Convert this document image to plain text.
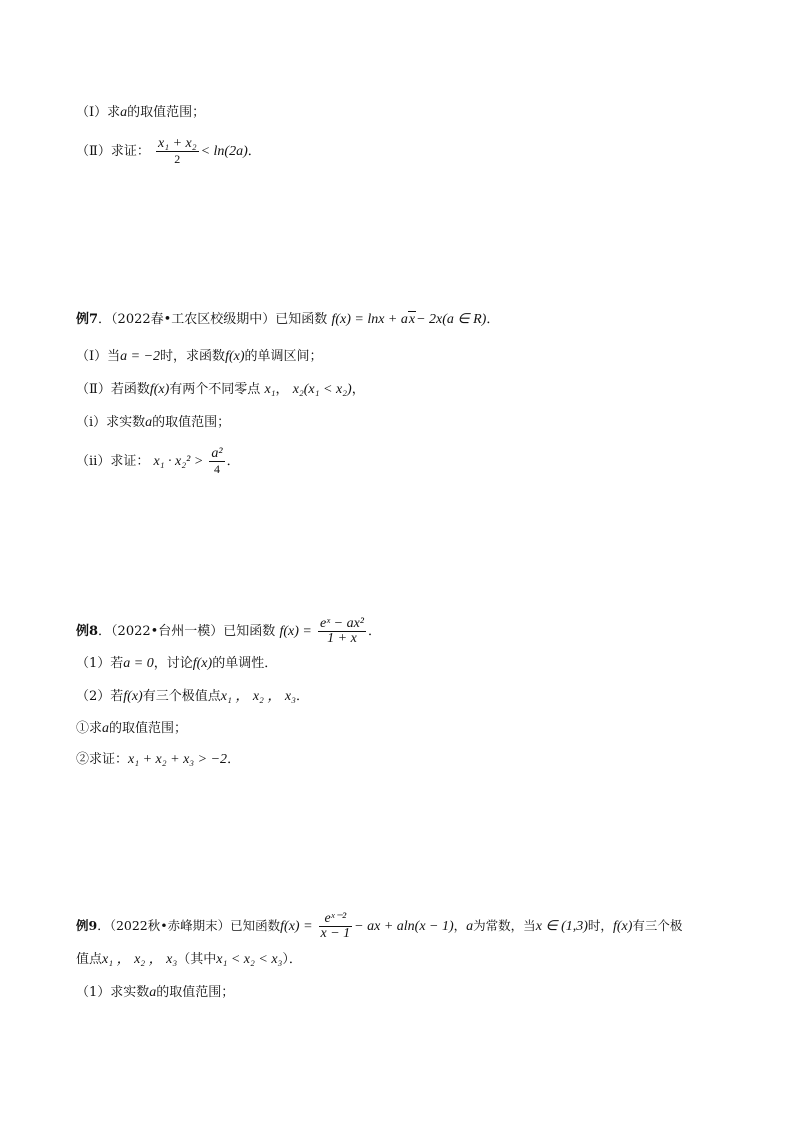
（Ⅰ）求a的取值范围；
（Ⅱ）求证： $\frac{\text{x₁ + x₂}}{2} < \ln(2a)$．
例7．（2022春•工农区校级期中）已知函数 f(x) = lnx + ax− 2x(a ∈ R)．
（Ⅰ）当a = −2时，求函数f(x)的单调区间；
（Ⅱ）若函数f(x)有两个不同零点 x₁， x₂(x₁ < x₂)，
（ⅰ）求实数a的取值范围；
（ⅱ）求证： $x_1 \cdot x_2^2 > \frac{\text{a²}}{4}$ ．
例8．（2022•台州一模）已知函数 $f(x) = \frac{\text{eˣ − ax²}}{1 + x}$ ．
（1）若a = 0，讨论f(x)的单调性．
（2）若f(x)有三个极值点x₁ ， x₂ ， x₃．
①求a的取值范围；
②求证：x₁ + x₂ + x₃ > −2．
例9．（2022秋•赤峰期末）已知函数$f(x) = \frac{\text{eˣ⁻²}}{x - 1}$ − ax + aln(x − 1)，a为常数，当x ∈ (1,3)时，f(x)有三个极
值点x₁ ， x₂ ， x₃（其中x₁ < x₂ < x₃）．
（1）求实数a的取值范围；
